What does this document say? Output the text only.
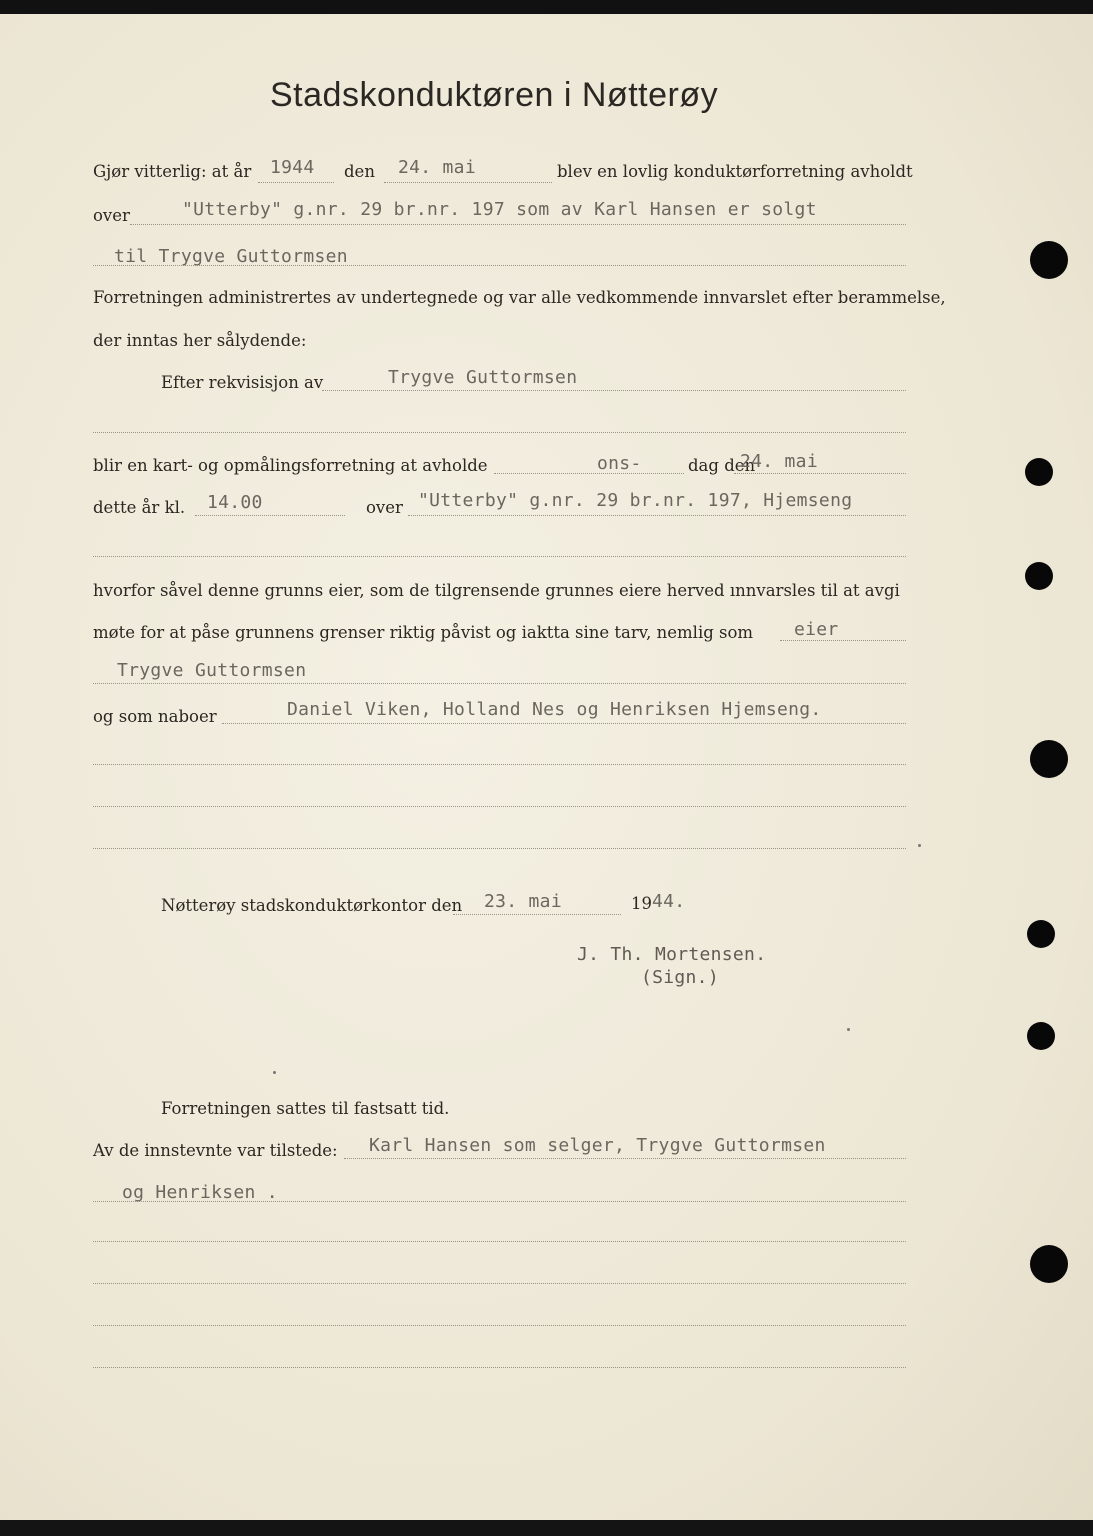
Stadskonduktøren i Nøtterøy
Gjør vitterlig: at år 1944 den 24. mai	blev en lovlig konduktørforretning avholdt
over	"Utterby" g.nr. 29 br.nr. 197 som av Karl Hansen er solgt
til Trygve Guttormsen
Forretningen administrertes av undertegnede og var alle vedkommende innvarslet efter berammelse,
der inntas her sålydende:
Efter rekvisisjon av	Trygve Guttormsen
blir en kart- og opmålingsforretning at avholde	ons-	dag den
24. mai
dette år kl. 14.00	over "Utterby" g.nr. 29 br.nr. 197, Hjemseng
hvorfor såvel denne grunns eier, som de tilgrensende grunnes eiere herved ınnvarsles til at avgi
møte for at påse grunnens grenser riktig påvist og iaktta sine tarv, nemlig som eier
Trygve Guttormsen
og som naboer	Daniel Viken, Holland Nes og Henriksen Hjemseng.
Nøtterøy stadskonduktørkontor den 23. mai	19 44.
J. Th. Mortensen.
(Sign.)
Forretningen sattes til fastsatt tid.
Av de innstevnte var tilstede: Karl Hansen som selger, Trygve Guttormsen
og Henriksen .
